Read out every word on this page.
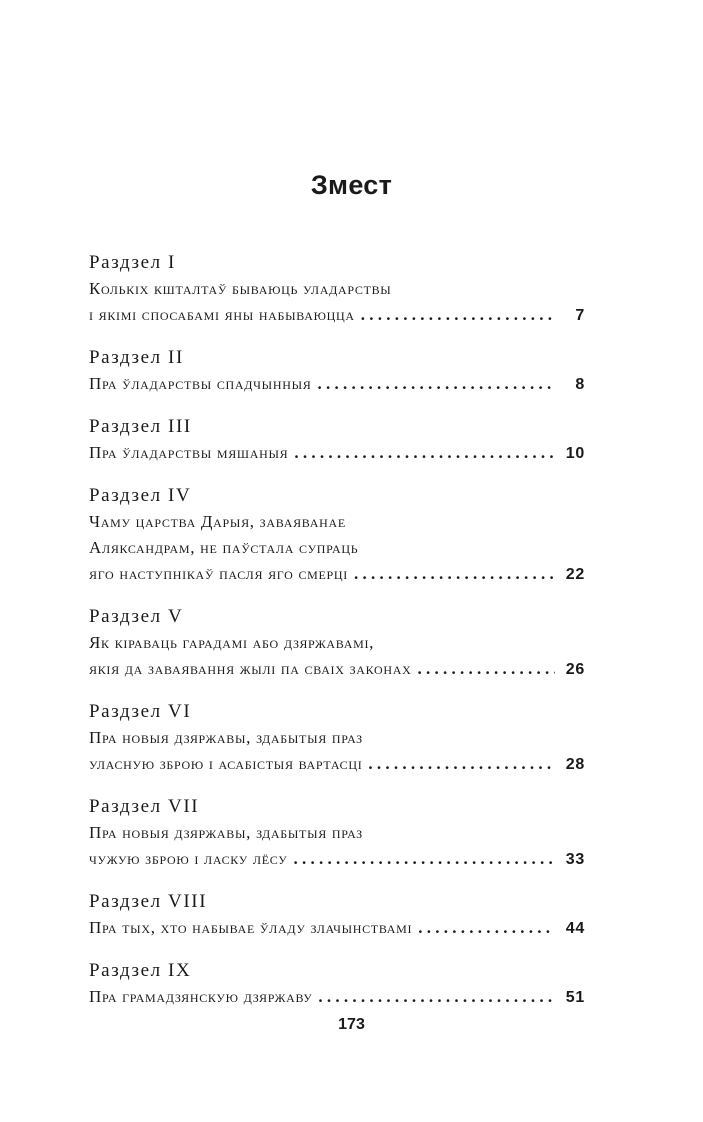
Змест
Раздзел I
Колькіх кшталтаў бываюць уладарствы
і якімі спосабамі яны набываюцца . . .	7
Раздзел II
Пра ўладарствы спадчынныя . . .	8
Раздзел III
Пра ўладарствы мяшаныя . . .	10
Раздзел IV
Чаму царства Дарыя, заваяванае
Аляксандрам, не паўстала супраць
яго наступнікаў пасля яго смерці . . .	22
Раздзел V
Як кіраваць гарадамі або дзяржавамі,
якія да заваявання жылі па сваіх законах . . .	26
Раздзел VI
Пра новыя дзяржавы, здабытыя праз
уласную зброю і асабістыя вартасці . . .	28
Раздзел VII
Пра новыя дзяржавы, здабытыя праз
чужую зброю і ласку лёсу . . .	33
Раздзел VIII
Пра тых, хто набывае ўладу злачынствамі . . .	44
Раздзел IX
Пра грамадзянскую дзяржаву . . .	51
173
